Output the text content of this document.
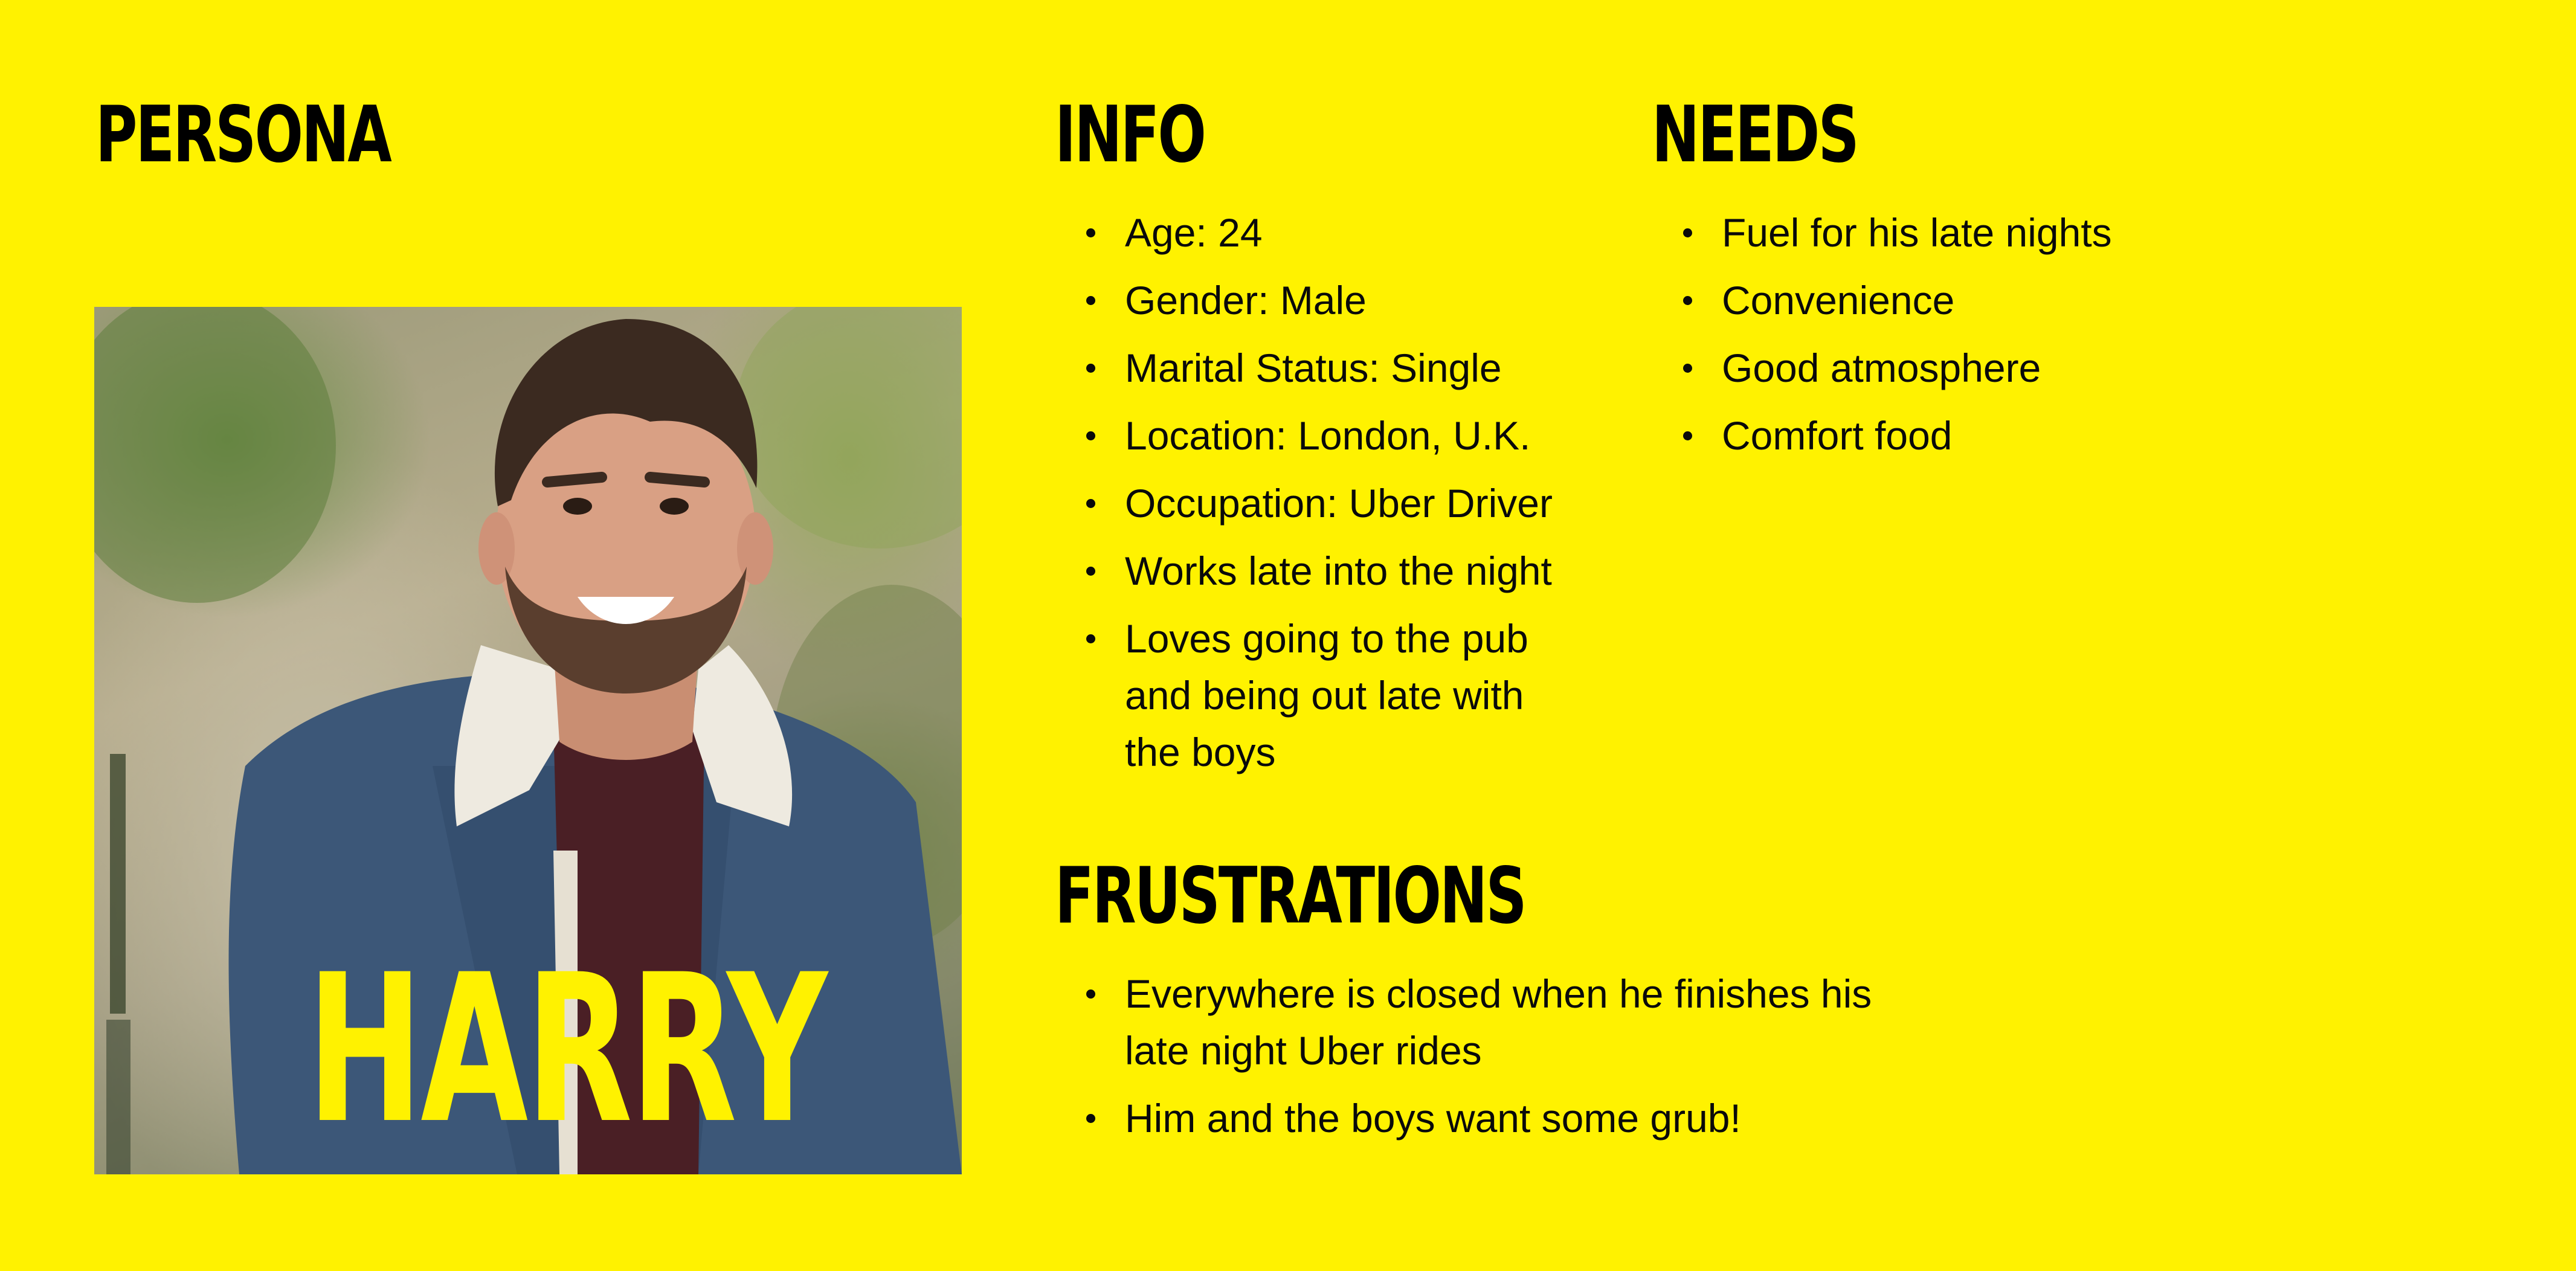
PERSONA
HARRY
INFO
Age: 24
Gender: Male
Marital Status: Single
Location: London, U.K.
Occupation: Uber Driver
Works late into the night
Loves going to the pub
and being out late with
the boys
NEEDS
Fuel for his late nights
Convenience
Good atmosphere
Comfort food
FRUSTRATIONS
Everywhere is closed when he finishes his
late night Uber rides
Him and the boys want some grub!
